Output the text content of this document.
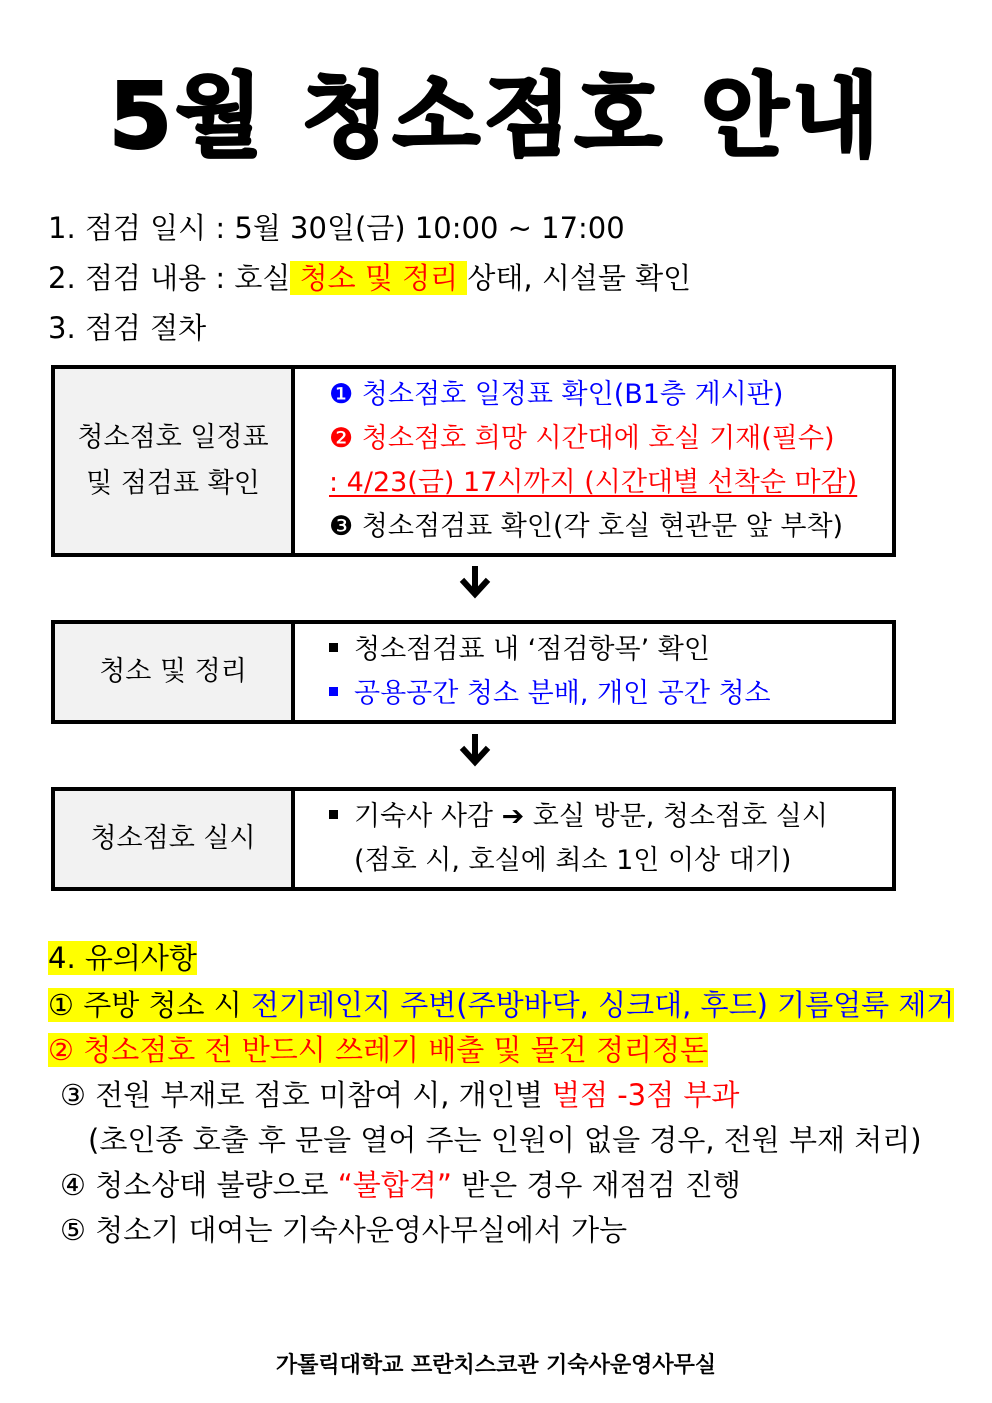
5월 청소점호 안내
1. 점검 일시 : 5월 30일(금) 10:00 ~ 17:00
2. 점검 내용 : 호실 청소 및 정리 상태, 시설물 확인
3. 점검 절차
청소점호 일정표
및 점검표 확인
❶ 청소점호 일정표 확인(B1층 게시판)
❷ 청소점호 희망 시간대에 호실 기재(필수)
: 4/23(금) 17시까지 (시간대별 선착순 마감)
❸ 청소점검표 확인(각 호실 현관문 앞 부착)
청소 및 정리
청소점검표 내 ‘점검항목’ 확인
공용공간 청소 분배, 개인 공간 청소
청소점호 실시
기숙사 사감 ➔ 호실 방문, 청소점호 실시
(점호 시, 호실에 최소 1인 이상 대기)
4. 유의사항
① 주방 청소 시 전기레인지 주변(주방바닥, 싱크대, 후드) 기름얼룩 제거
② 청소점호 전 반드시 쓰레기 배출 및 물건 정리정돈
③ 전원 부재로 점호 미참여 시, 개인별 벌점 -3점 부과
(초인종 호출 후 문을 열어 주는 인원이 없을 경우, 전원 부재 처리)
④ 청소상태 불량으로 “불합격” 받은 경우 재점검 진행
⑤ 청소기 대여는 기숙사운영사무실에서 가능
가톨릭대학교 프란치스코관 기숙사운영사무실
